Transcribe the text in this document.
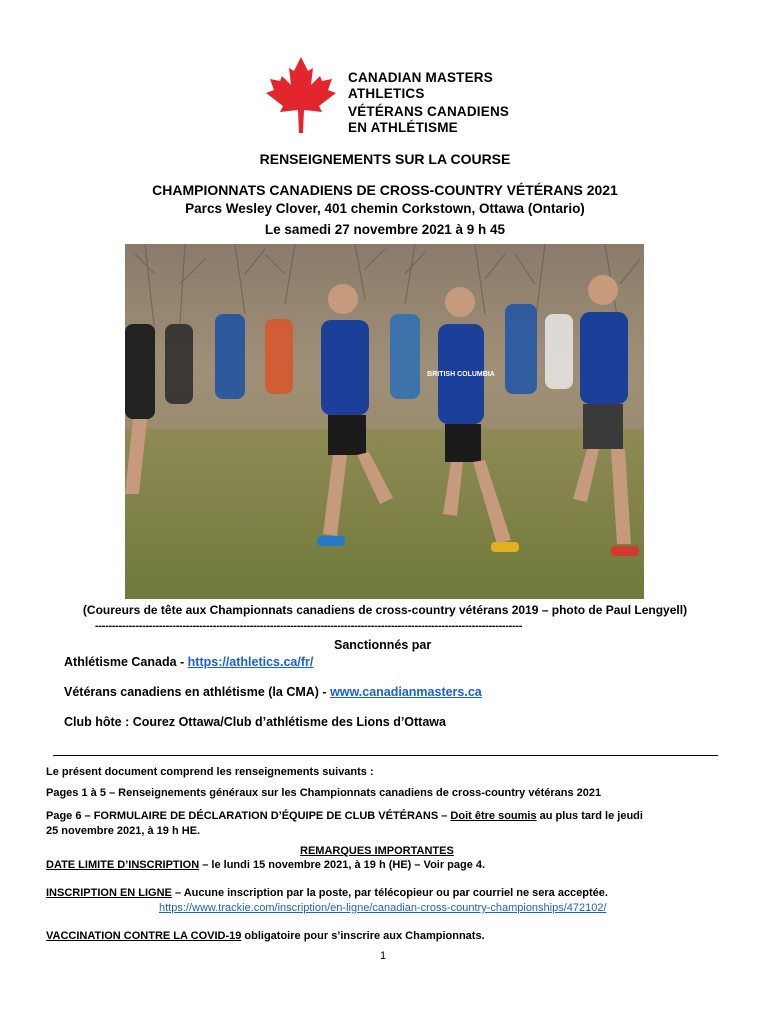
CANADIAN MASTERS
ATHLETICS
VÉTÉRANS CANADIENS
EN ATHLÉTISME
RENSEIGNEMENTS SUR LA COURSE
CHAMPIONNATS CANADIENS DE CROSS-COUNTRY VÉTÉRANS 2021
Parcs Wesley Clover, 401 chemin Corkstown, Ottawa (Ontario)
Le samedi 27 novembre 2021 à 9 h 45
BRITISH COLUMBIA
(Coureurs de tête aux Championnats canadiens de cross-country vétérans 2019 – photo de Paul Lengyell)
-------------------------------------------------------------------------------------------------------------------------------
Sanctionnés par
Athlétisme Canada - https://athletics.ca/fr/
Vétérans canadiens en athlétisme (la CMA) - www.canadianmasters.ca
Club hôte : Courez Ottawa/Club d’athlétisme des Lions d’Ottawa
Le présent document comprend les renseignements suivants :
Pages 1 à 5 – Renseignements généraux sur les Championnats canadiens de cross-country vétérans 2021
Page 6 – FORMULAIRE DE DÉCLARATION D’ÉQUIPE DE CLUB VÉTÉRANS – Doit être soumis au plus tard le jeudi
25 novembre 2021, à 19 h HE.
REMARQUES IMPORTANTES
DATE LIMITE D’INSCRIPTION – le lundi 15 novembre 2021, à 19 h (HE) – Voir page 4.
INSCRIPTION EN LIGNE – Aucune inscription par la poste, par télécopieur ou par courriel ne sera acceptée.
https://www.trackie.com/inscription/en-ligne/canadian-cross-country-championships/472102/
VACCINATION CONTRE LA COVID-19 obligatoire pour s’inscrire aux Championnats.
1
